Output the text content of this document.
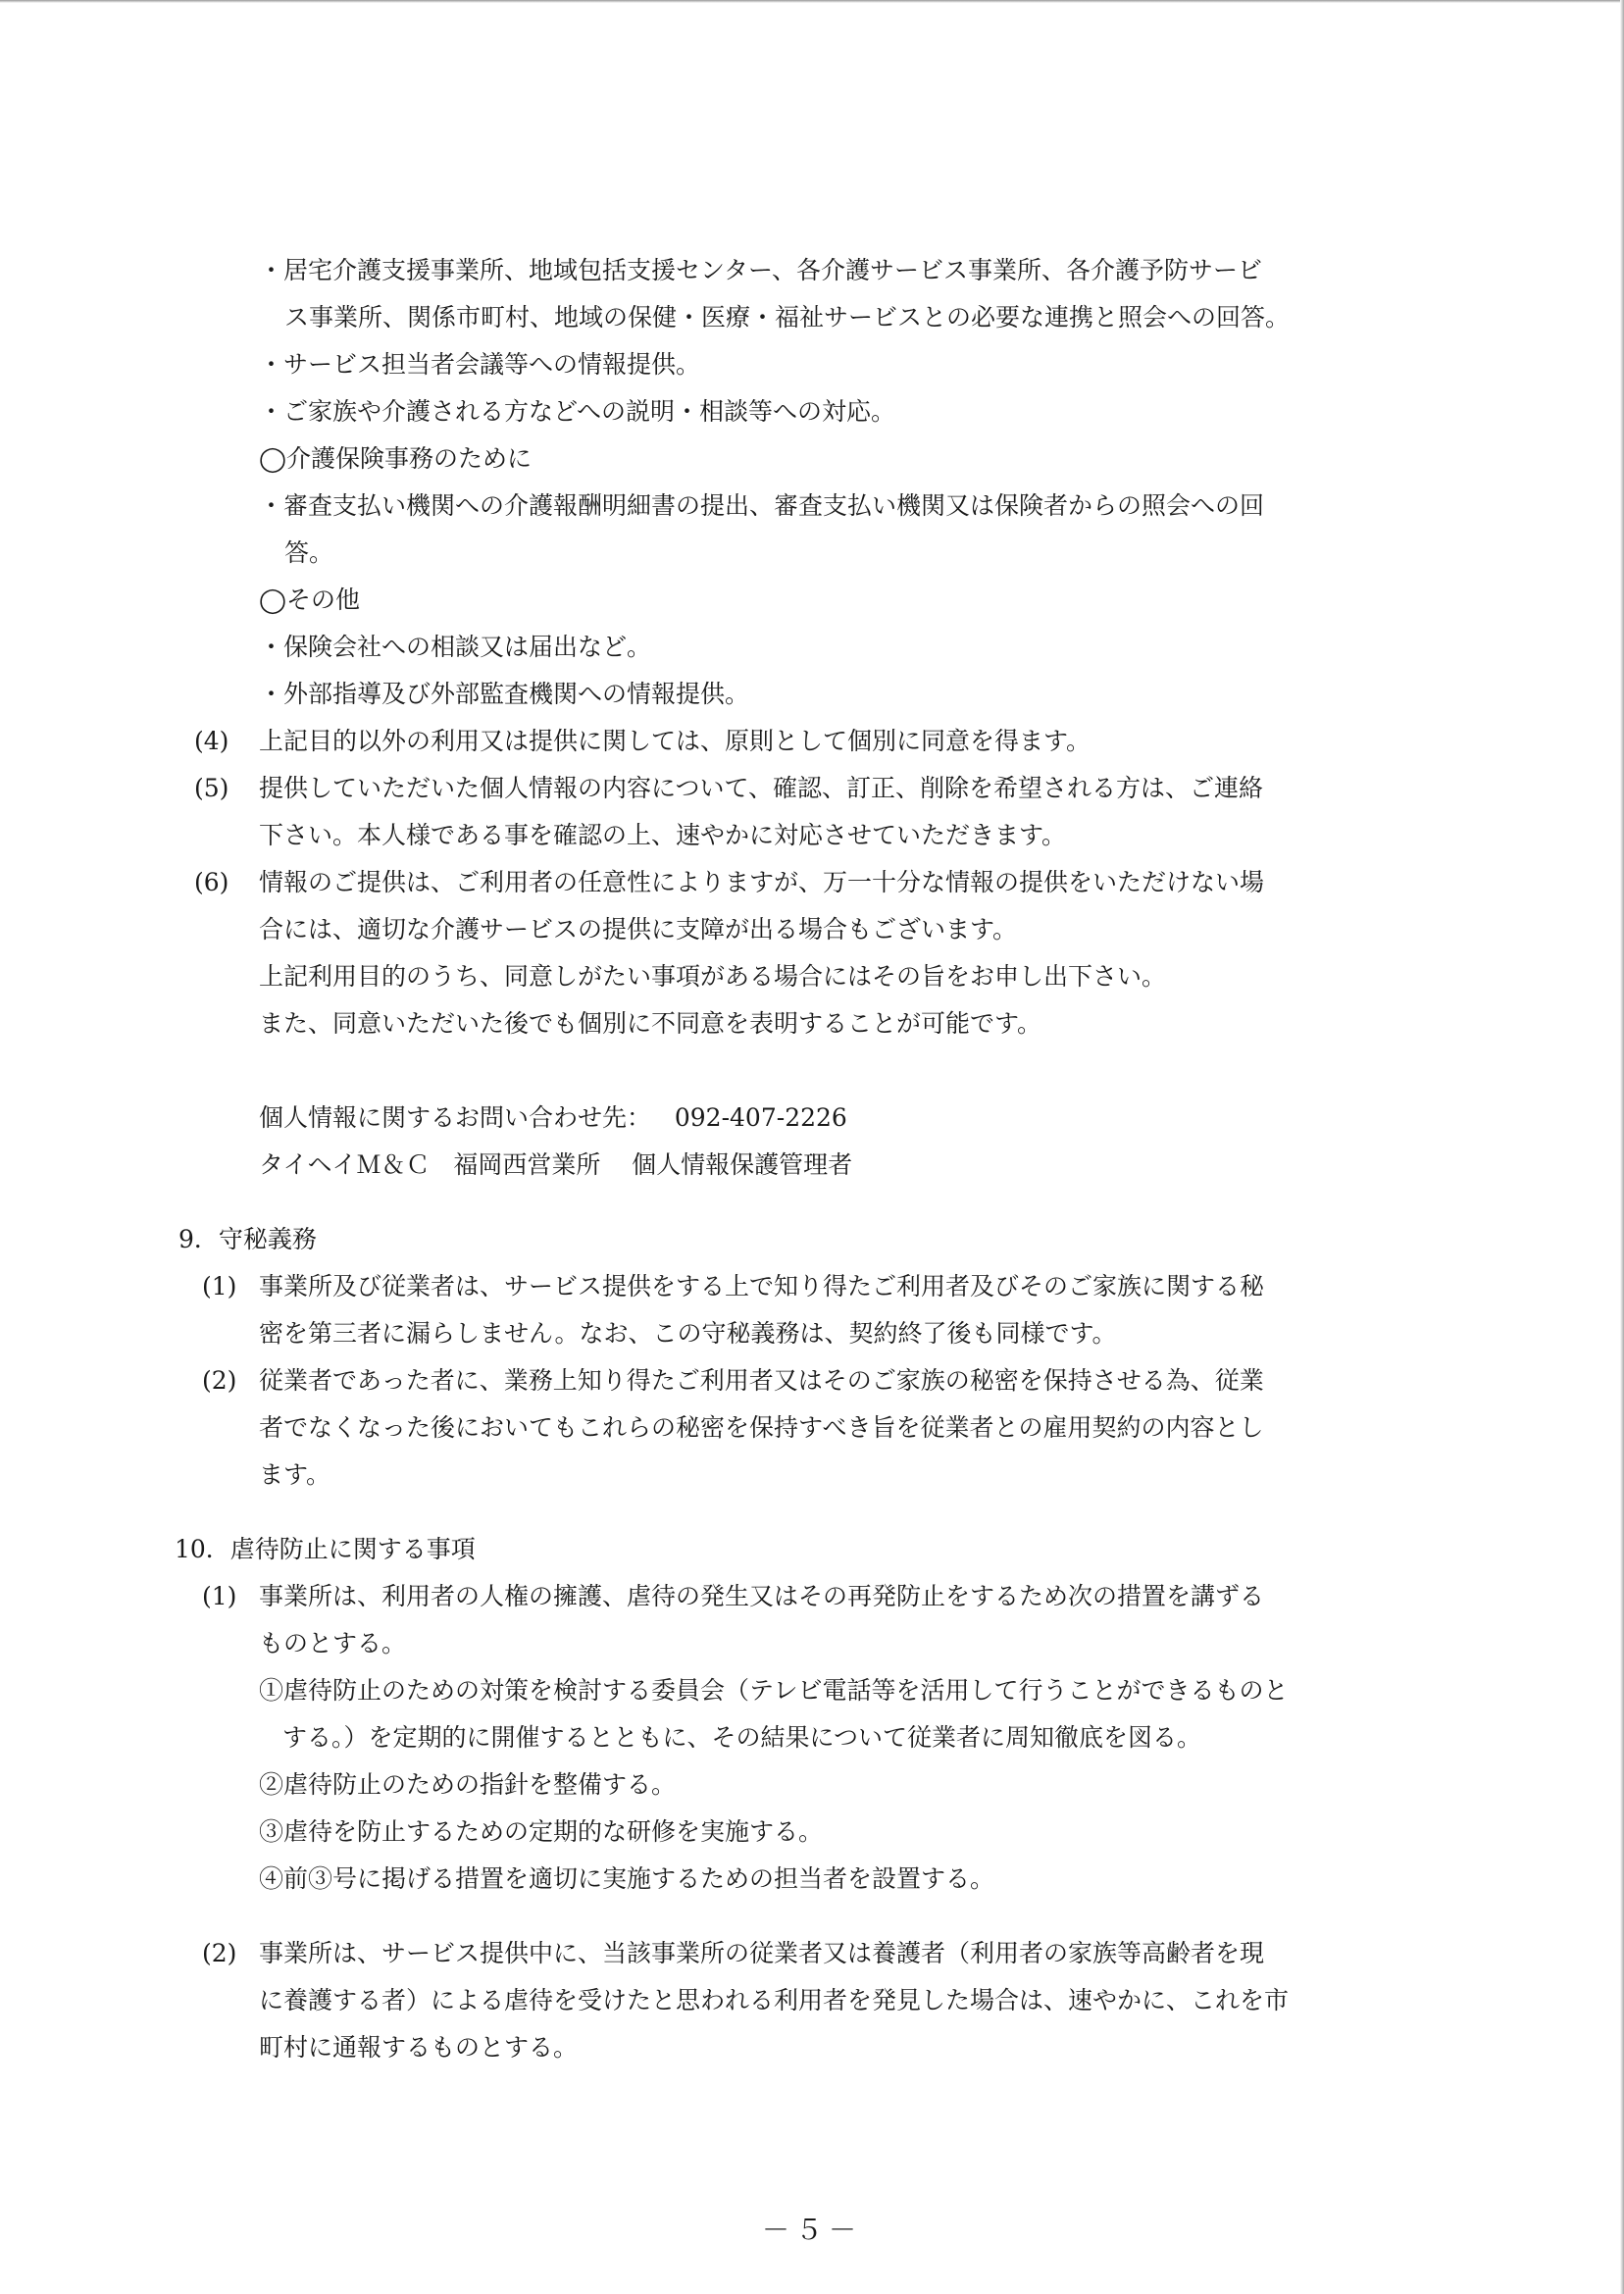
・居宅介護支援事業所、地域包括支援センター、各介護サービス事業所、各介護予防サービ

ス事業所、関係市町村、地域の保健・医療・福祉サービスとの必要な連携と照会への回答。

・サービス担当者会議等への情報提供。

・ご家族や介護される方などへの説明・相談等への対応。

◯介護保険事務のために

・審査支払い機関への介護報酬明細書の提出、審査支払い機関又は保険者からの照会への回

答。

◯その他

・保険会社への相談又は届出など。

・外部指導及び外部監査機関への情報提供。

(4) 上記目的以外の利用又は提供に関しては、原則として個別に同意を得ます。

(5) 提供していただいた個人情報の内容について、確認、訂正、削除を希望される方は、ご連絡

下さい。本人様である事を確認の上、速やかに対応させていただきます。

(6) 情報のご提供は、ご利用者の任意性によりますが、万一十分な情報の提供をいただけない場

合には、適切な介護サービスの提供に支障が出る場合もございます。

上記利用目的のうち、同意しがたい事項がある場合にはその旨をお申し出下さい。

また、同意いただいた後でも個別に不同意を表明することが可能です。

個人情報に関するお問い合わせ先： 092-407-2226

タイヘイＭ＆Ｃ 福岡西営業所 個人情報保護管理者

9．守秘義務

(1) 事業所及び従業者は、サービス提供をする上で知り得たご利用者及びそのご家族に関する秘

密を第三者に漏らしません。なお、この守秘義務は、契約終了後も同様です。

(2) 従業者であった者に、業務上知り得たご利用者又はそのご家族の秘密を保持させる為、従業

者でなくなった後においてもこれらの秘密を保持すべき旨を従業者との雇用契約の内容とし

ます。

10．虐待防止に関する事項

(1) 事業所は、利用者の人権の擁護、虐待の発生又はその再発防止をするため次の措置を講ずる

ものとする。

①虐待防止のための対策を検討する委員会（テレビ電話等を活用して行うことができるものと

する。）を定期的に開催するとともに、その結果について従業者に周知徹底を図る。

②虐待防止のための指針を整備する。

③虐待を防止するための定期的な研修を実施する。

④前③号に掲げる措置を適切に実施するための担当者を設置する。

(2) 事業所は、サービス提供中に、当該事業所の従業者又は養護者（利用者の家族等高齢者を現

に養護する者）による虐待を受けたと思われる利用者を発見した場合は、速やかに、これを市

町村に通報するものとする。

－５－
